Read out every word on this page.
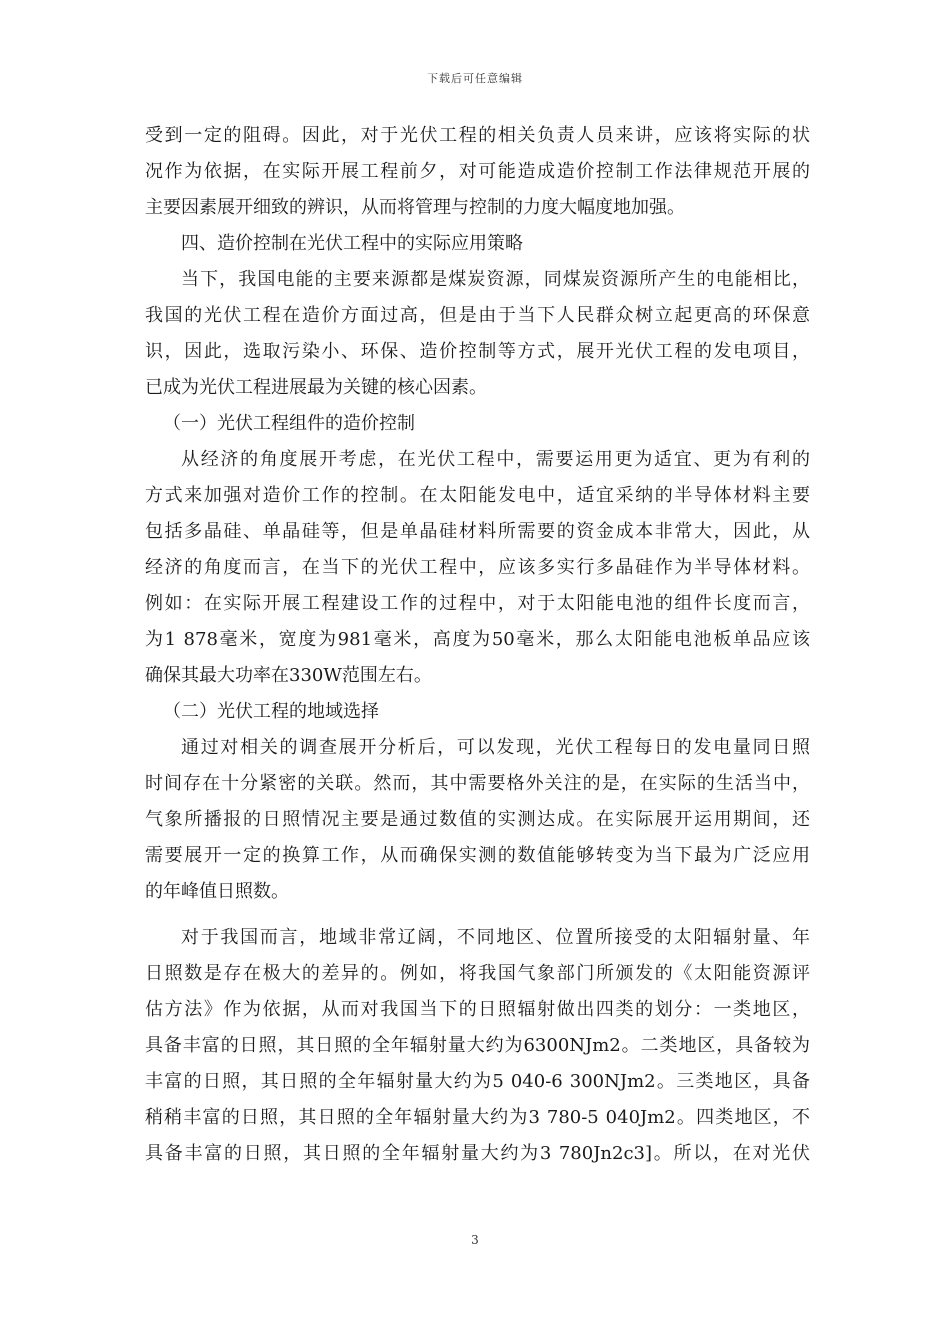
下载后可任意编辑
受到一定的阻碍。因此，对于光伏工程的相关负责人员来讲，应该将实际的状
况作为依据，在实际开展工程前夕，对可能造成造价控制工作法律规范开展的
主要因素展开细致的辨识，从而将管理与控制的力度大幅度地加强。
四、造价控制在光伏工程中的实际应用策略
当下，我国电能的主要来源都是煤炭资源，同煤炭资源所产生的电能相比，
我国的光伏工程在造价方面过高，但是由于当下人民群众树立起更高的环保意
识，因此，选取污染小、环保、造价控制等方式，展开光伏工程的发电项目，
已成为光伏工程进展最为关键的核心因素。
（一）光伏工程组件的造价控制
从经济的角度展开考虑，在光伏工程中，需要运用更为适宜、更为有利的
方式来加强对造价工作的控制。在太阳能发电中，适宜采纳的半导体材料主要
包括多晶硅、单晶硅等，但是单晶硅材料所需要的资金成本非常大，因此，从
经济的角度而言，在当下的光伏工程中，应该多实行多晶硅作为半导体材料。
例如：在实际开展工程建设工作的过程中，对于太阳能电池的组件长度而言，
为1 878毫米，宽度为981毫米，高度为50毫米，那么太阳能电池板单品应该
确保其最大功率在330W范围左右。
（二）光伏工程的地域选择
通过对相关的调查展开分析后，可以发现，光伏工程每日的发电量同日照
时间存在十分紧密的关联。然而，其中需要格外关注的是，在实际的生活当中，
气象所播报的日照情况主要是通过数值的实测达成。在实际展开运用期间，还
需要展开一定的换算工作，从而确保实测的数值能够转变为当下最为广泛应用
的年峰值日照数。
对于我国而言，地域非常辽阔，不同地区、位置所接受的太阳辐射量、年
日照数是存在极大的差异的。例如，将我国气象部门所颁发的《太阳能资源评
估方法》作为依据，从而对我国当下的日照辐射做出四类的划分：一类地区，
具备丰富的日照，其日照的全年辐射量大约为6300NJm2。二类地区，具备较为
丰富的日照，其日照的全年辐射量大约为5 040-6 300NJm2。三类地区，具备
稍稍丰富的日照，其日照的全年辐射量大约为3 780-5 040Jm2。四类地区，不
具备丰富的日照，其日照的全年辐射量大约为3 780Jn2c3]。所以，在对光伏
3
